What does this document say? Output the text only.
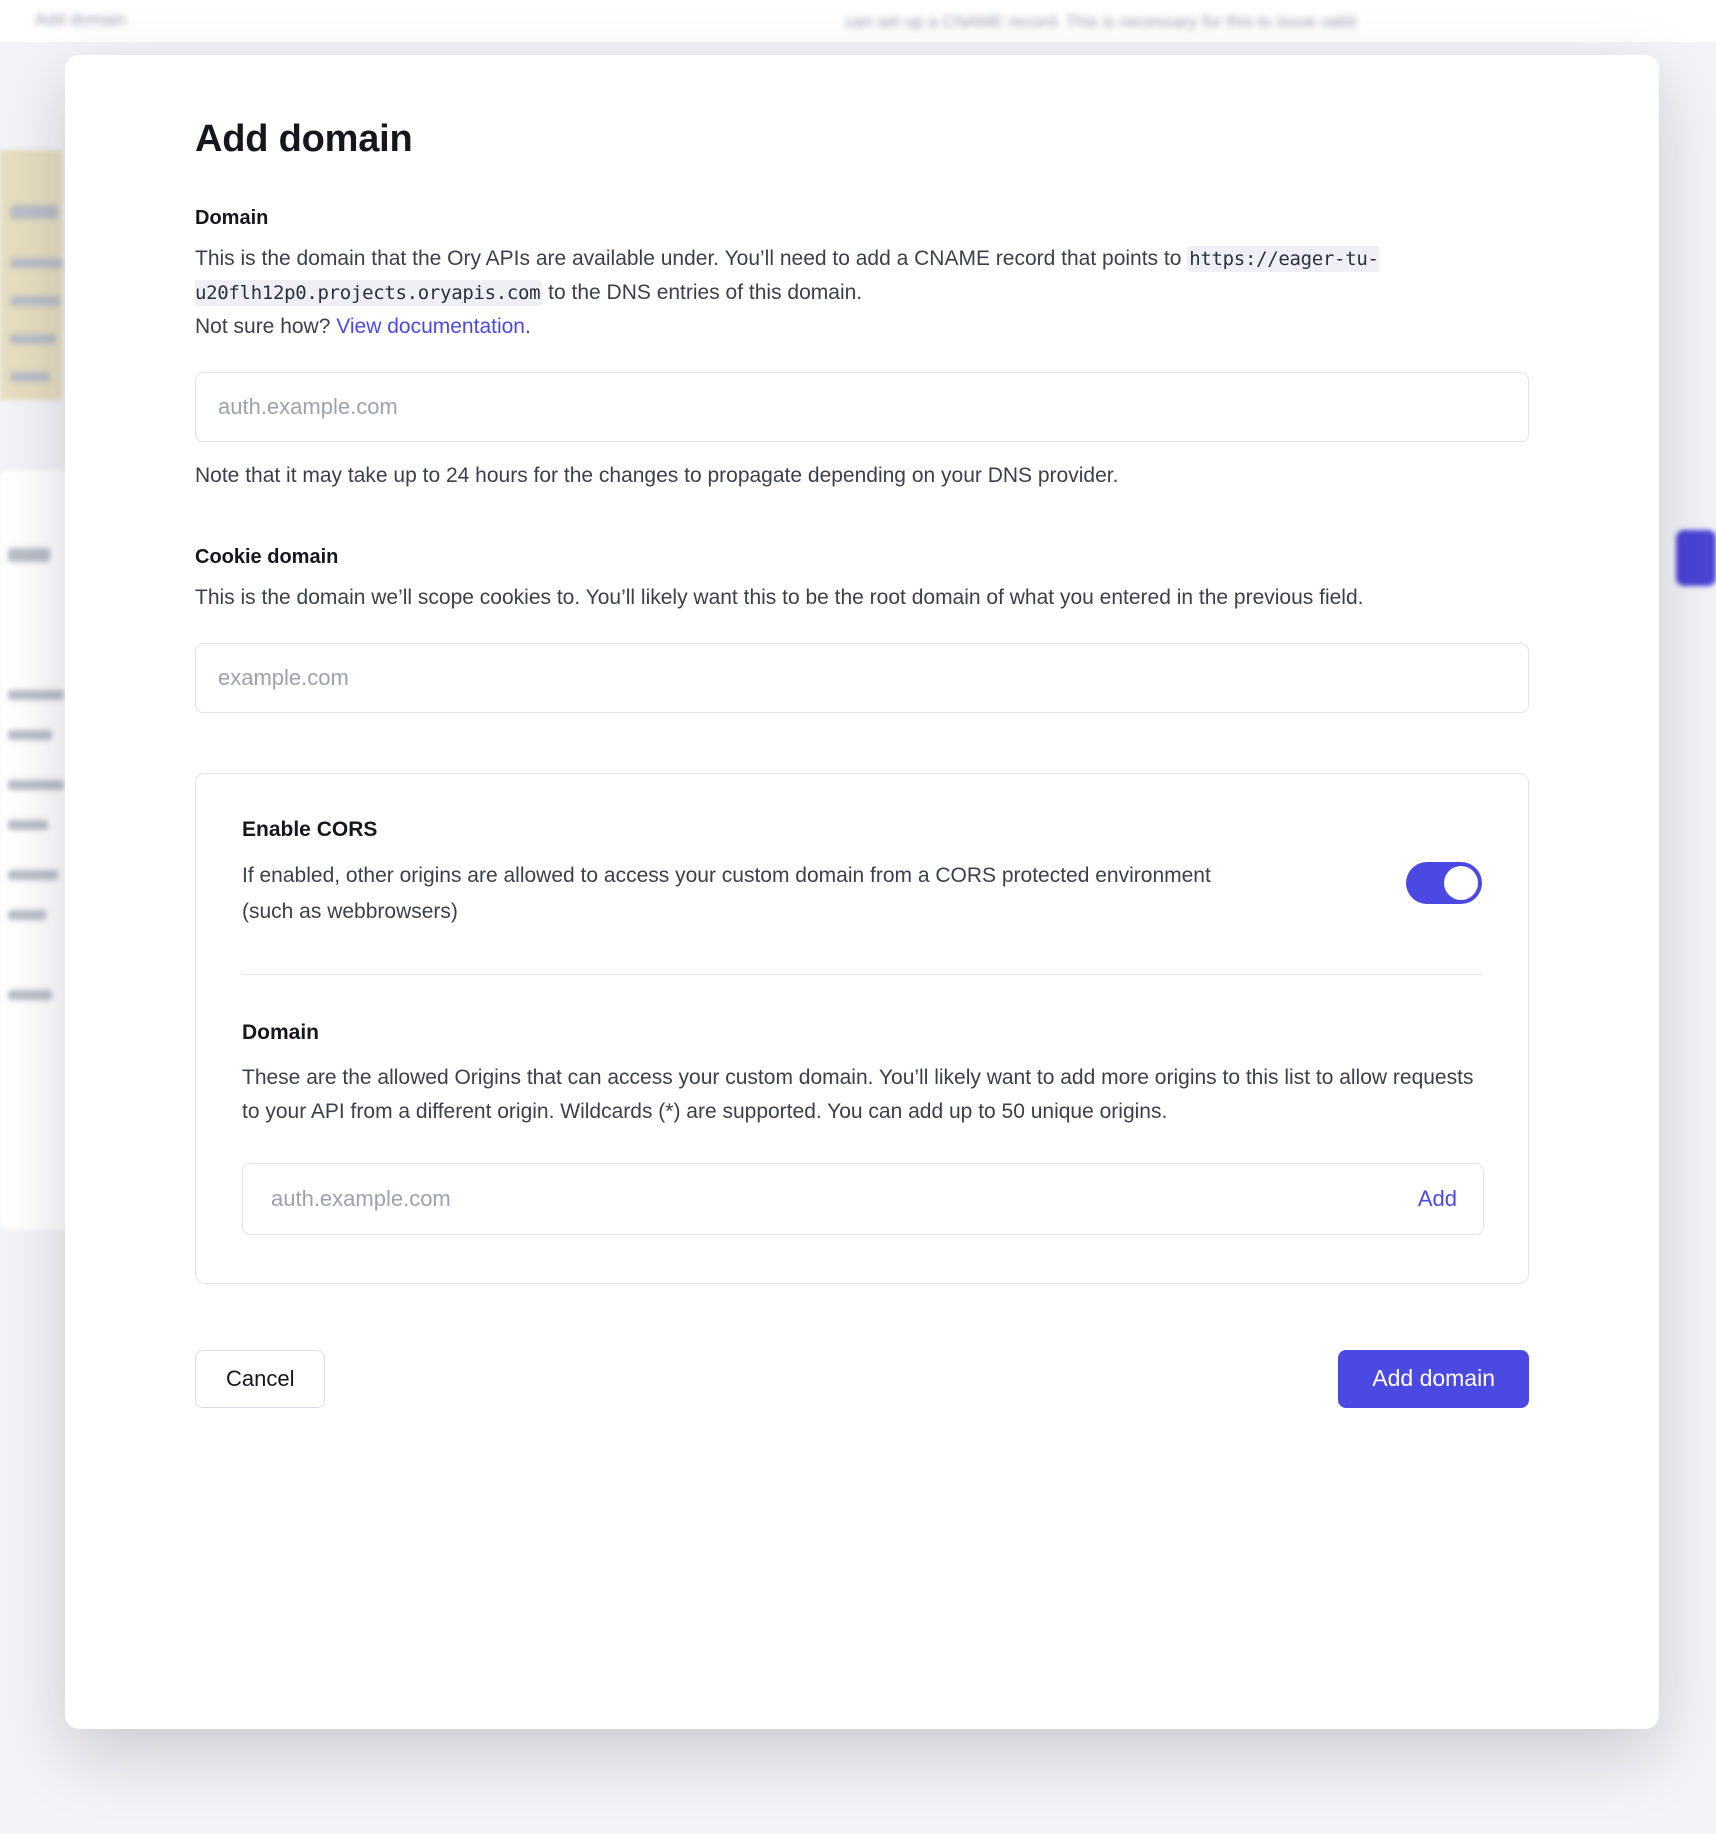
Add domain	can set up a CNAME record. This is necessary for this to issue valid
Add domain
Domain

This is the domain that the Ory APIs are available under. You’ll need to add a CNAME record that points to https://eager-tu-u20flh12p0.projects.oryapis.com to the DNS entries of this domain.
Not sure how? View documentation.

auth.example.com

Note that it may take up to 24 hours for the changes to propagate depending on your DNS provider.

Cookie domain

This is the domain we’ll scope cookies to. You’ll likely want this to be the root domain of what you entered in the previous field.

example.com
Enable CORS

If enabled, other origins are allowed to access your custom domain from a CORS protected environment (such as webbrowsers)

Domain

These are the allowed Origins that can access your custom domain. You’ll likely want to add more origins to this list to allow requests to your API from a different origin. Wildcards (*) are supported. You can add up to 50 unique origins.

auth.example.com
Add
Cancel	Add domain
